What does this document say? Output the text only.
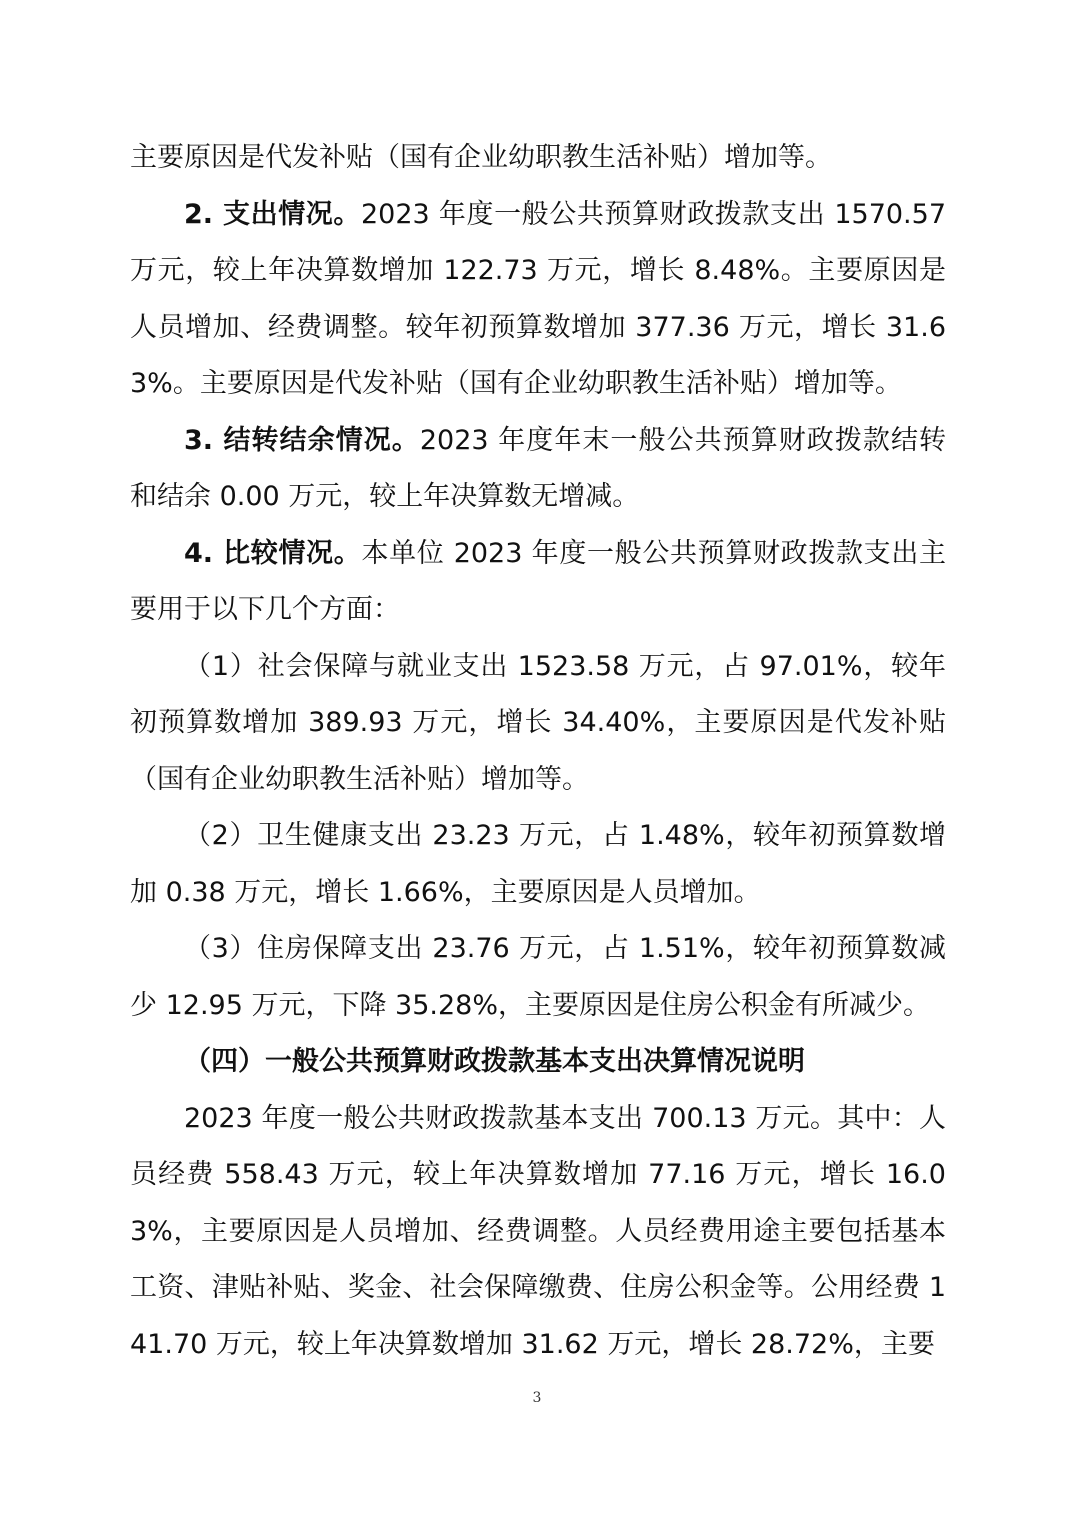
主要原因是代发补贴（国有企业幼职教生活补贴）增加等。

2. 支出情况。2023 年度一般公共预算财政拨款支出 1570.57 万元，较上年决算数增加 122.73 万元，增长 8.48%。主要原因是人员增加、经费调整。较年初预算数增加 377.36 万元，增长 31.63%。主要原因是代发补贴（国有企业幼职教生活补贴）增加等。

3. 结转结余情况。2023 年度年末一般公共预算财政拨款结转和结余 0.00 万元，较上年决算数无增减。

4. 比较情况。本单位 2023 年度一般公共预算财政拨款支出主要用于以下几个方面：

（1）社会保障与就业支出 1523.58 万元，占 97.01%，较年初预算数增加 389.93 万元，增长 34.40%，主要原因是代发补贴（国有企业幼职教生活补贴）增加等。

（2）卫生健康支出 23.23 万元，占 1.48%，较年初预算数增加 0.38 万元，增长 1.66%，主要原因是人员增加。

（3）住房保障支出 23.76 万元，占 1.51%，较年初预算数减少 12.95 万元，下降 35.28%，主要原因是住房公积金有所减少。

（四）一般公共预算财政拨款基本支出决算情况说明

2023 年度一般公共财政拨款基本支出 700.13 万元。其中：人员经费 558.43 万元，较上年决算数增加 77.16 万元，增长 16.03%，主要原因是人员增加、经费调整。人员经费用途主要包括基本工资、津贴补贴、奖金、社会保障缴费、住房公积金等。公用经费 141.70 万元，较上年决算数增加 31.62 万元，增长 28.72%，主要

3
